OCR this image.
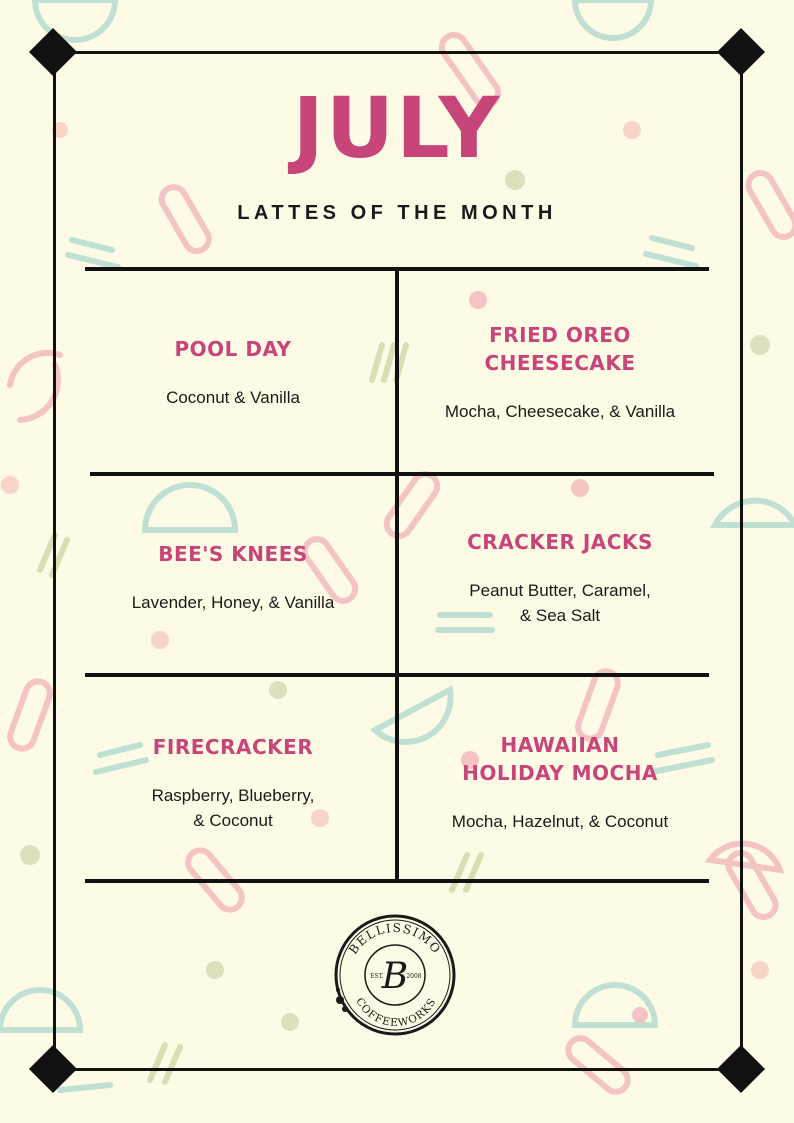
JULY
LATTES OF THE MONTH
POOL DAY
Coconut & Vanilla
FRIED OREO
CHEESECAKE
Mocha, Cheesecake, & Vanilla
BEE'S KNEES
Lavender, Honey, & Vanilla
CRACKER JACKS
Peanut Butter, Caramel,
& Sea Salt
FIRECRACKER
Raspberry, Blueberry,
& Coconut
HAWAIIAN
HOLIDAY MOCHA
Mocha, Hazelnut, & Coconut
BELLISSIMO
COFFEEWORKS
B
EST.	2008
